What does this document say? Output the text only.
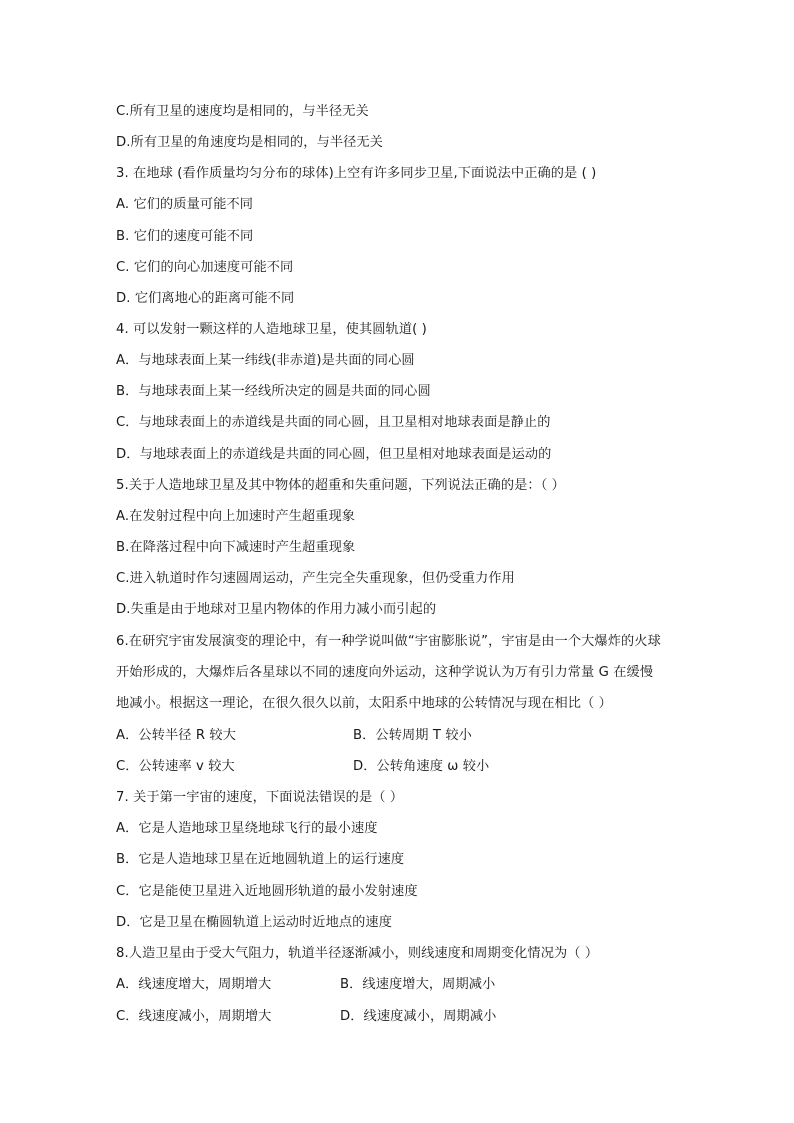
C.所有卫星的速度均是相同的，与半径无关
D.所有卫星的角速度均是相同的，与半径无关
3. 在地球 (看作质量均匀分布的球体)上空有许多同步卫星,下面说法中正确的是 ( )
A. 它们的质量可能不同
B. 它们的速度可能不同
C. 它们的向心加速度可能不同
D. 它们离地心的距离可能不同
4. 可以发射一颗这样的人造地球卫星，使其圆轨道( )
A．与地球表面上某一纬线(非赤道)是共面的同心圆
B．与地球表面上某一经线所决定的圆是共面的同心圆
C．与地球表面上的赤道线是共面的同心圆，且卫星相对地球表面是静止的
D．与地球表面上的赤道线是共面的同心圆，但卫星相对地球表面是运动的
5.关于人造地球卫星及其中物体的超重和失重问题，下列说法正确的是：（ ）
A.在发射过程中向上加速时产生超重现象
B.在降落过程中向下减速时产生超重现象
C.进入轨道时作匀速圆周运动，产生完全失重现象，但仍受重力作用
D.失重是由于地球对卫星内物体的作用力减小而引起的
6.在研究宇宙发展演变的理论中，有一种学说叫做“宇宙膨胀说”，宇宙是由一个大爆炸的火球
开始形成的，大爆炸后各星球以不同的速度向外运动，这种学说认为万有引力常量 G 在缓慢
地减小。根据这一理论，在很久很久以前，太阳系中地球的公转情况与现在相比（ ）
A．公转半径 R 较大	B．公转周期 T 较小
C．公转速率 v 较大	D．公转角速度 ω 较小
7. 关于第一宇宙的速度，下面说法错误的是（ ）
A．它是人造地球卫星绕地球飞行的最小速度
B．它是人造地球卫星在近地圆轨道上的运行速度
C．它是能使卫星进入近地圆形轨道的最小发射速度
D．它是卫星在椭圆轨道上运动时近地点的速度
8.人造卫星由于受大气阻力，轨道半径逐渐减小，则线速度和周期变化情况为（ ）
A．线速度增大，周期增大	B．线速度增大，周期减小
C．线速度减小，周期增大	D．线速度减小，周期减小
